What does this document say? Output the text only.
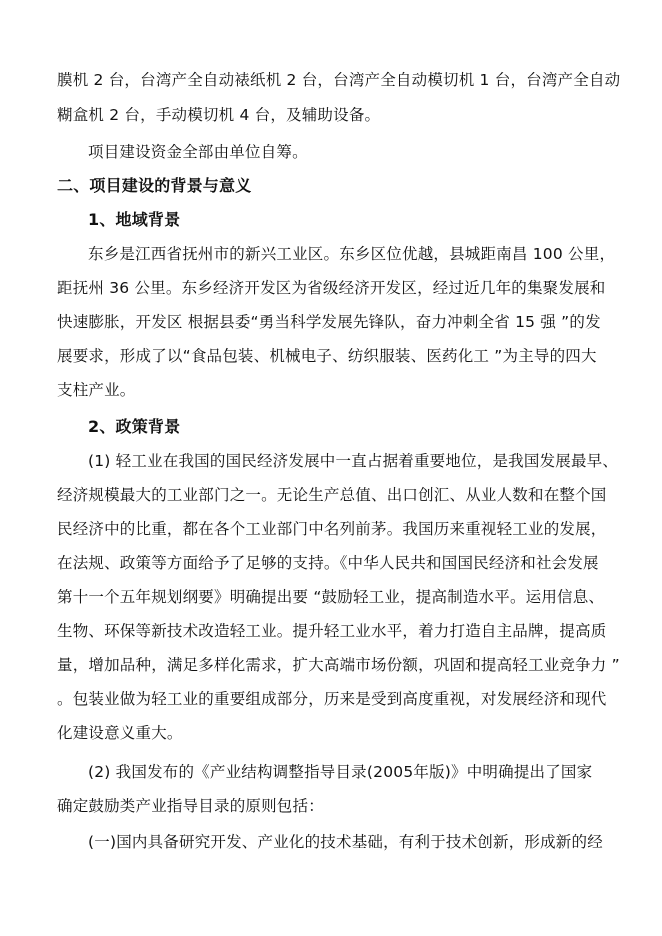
膜机 2 台，台湾产全自动裱纸机 2 台，台湾产全自动模切机 1 台，台湾产全自动
糊盒机 2 台，手动模切机 4 台，及辅助设备。
项目建设资金全部由单位自筹。
二、项目建设的背景与意义
1、地域背景
东乡是江西省抚州市的新兴工业区。东乡区位优越，县城距南昌 100 公里，
距抚州 36 公里。东乡经济开发区为省级经济开发区，经过近几年的集聚发展和
快速膨胀，开发区 根据县委“勇当科学发展先锋队，奋力冲刺全省 15 强 ”的发
展要求，形成了以“食品包装、机械电子、纺织服装、医药化工 ”为主导的四大
支柱产业。
2、政策背景
(1) 轻工业在我国的国民经济发展中一直占据着重要地位，是我国发展最早、
经济规模最大的工业部门之一。无论生产总值、出口创汇、从业人数和在整个国
民经济中的比重，都在各个工业部门中名列前茅。我国历来重视轻工业的发展，
在法规、政策等方面给予了足够的支持。《中华人民共和国国民经济和社会发展
第十一个五年规划纲要》明确提出要 “鼓励轻工业，提高制造水平。运用信息、
生物、环保等新技术改造轻工业。提升轻工业水平，着力打造自主品牌，提高质
量，增加品种，满足多样化需求，扩大高端市场份额，巩固和提高轻工业竞争力 ”
。包装业做为轻工业的重要组成部分，历来是受到高度重视，对发展经济和现代
化建设意义重大。
(2) 我国发布的《产业结构调整指导目录(2005年版)》中明确提出了国家
确定鼓励类产业指导目录的原则包括：
(一)国内具备研究开发、产业化的技术基础，有利于技术创新，形成新的经
